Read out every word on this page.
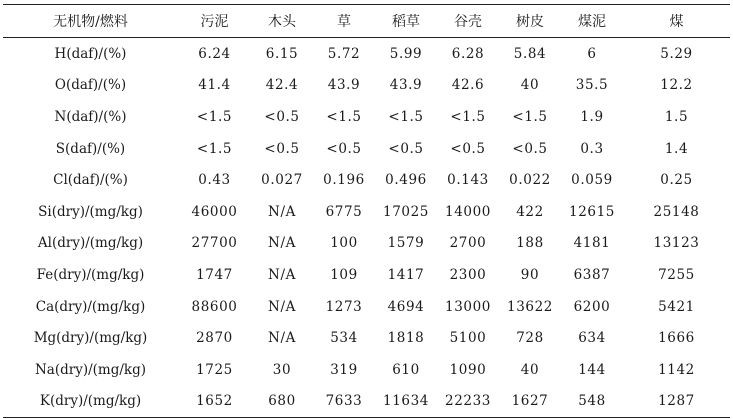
无机物/燃料	污泥	木头	草	稻草	谷壳	树皮	煤泥	煤
H(daf)/(%)	6.24	6.15	5.72	5.99	6.28	5.84	6	5.29
O(daf)/(%)	41.4	42.4	43.9	43.9	42.6	40	35.5	12.2
N(daf)/(%)	<1.5	<0.5	<1.5	<1.5	<1.5	<1.5	1.9	1.5
S(daf)/(%)	<1.5	<0.5	<0.5	<0.5	<0.5	<0.5	0.3	1.4
Cl(daf)/(%)	0.43	0.027	0.196	0.496	0.143	0.022	0.059	0.25
Si(dry)/(mg/kg)	46000	N/A	6775	17025	14000	422	12615	25148
Al(dry)/(mg/kg)	27700	N/A	100	1579	2700	188	4181	13123
Fe(dry)/(mg/kg)	1747	N/A	109	1417	2300	90	6387	7255
Ca(dry)/(mg/kg)	88600	N/A	1273	4694	13000	13622	6200	5421
Mg(dry)/(mg/kg)	2870	N/A	534	1818	5100	728	634	1666
Na(dry)/(mg/kg)	1725	30	319	610	1090	40	144	1142
K(dry)/(mg/kg)	1652	680	7633	11634	22233	1627	548	1287
